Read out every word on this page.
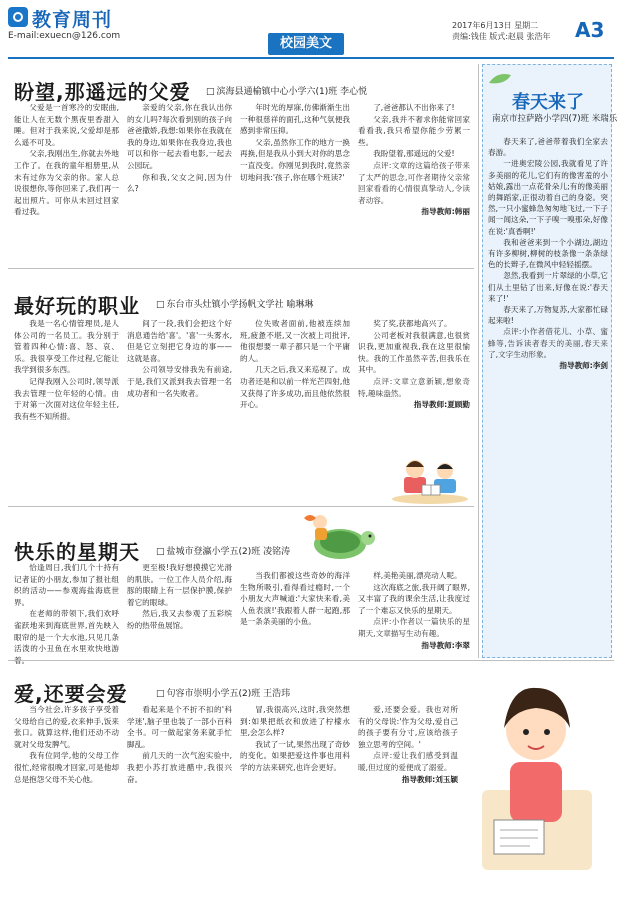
教育周刊
E-mail:exuecn@126.com	校园美文
2017年6月13日 星期二
责编:钱佳 版式:赵晨 张浩年	A3
盼望,那遥远的父爱	□ 滨海县通榆镇中心小学六(1)班 李心悦

父爱是一首寒冷的安眠曲,能让人在无数个黑夜里香甜入睡。但对于我来说,父爱却是那么遥不可及。

父亲,我刚出生,你就去外地工作了。在我的童年相册里,从未有过你为父亲的你。家人总说很想你,等你回来了,我们再一起出照片。可你从未回过回家看过我。

亲爱的父亲,你在我认出你的女儿吗?每次看到别的孩子向爸爸撒娇,我想:如果你在我就在我的身边,如果你在我身边,我也可以和你一起去看电影,一起去公园玩。

你和我,父女之间,因为什么?

年时光的厚寐,仿佛渐渐生出一种很慈祥的面孔,这种气氛便我感到非常压抑。

父亲,虽然你工作的地方一换再换,但是我从小到大对你的思念一直没变。你刚见到我时,竟然亲切地问我:'孩子,你在哪个班读?'

了,爸爸都认不出你来了!

父亲,我并不奢求你能常回家看看我,我只希望你能少劳累一些。

我盼望着,那遥远的父爱!

点评:文章的这篇给孩子带来了太严的思念,可作者期待父亲常回家看看的心情很真挚动人,令读者动容。

指导教师:韩丽

最好玩的职业	□ 东台市头灶镇小学扬帆文学社 喻琳琳

我是一名心情管理员,是人体公司的一名员工。我分别于管着四种心情:喜、怒、哀、乐。我很享受工作过程,它能让我学到很多东西。

记得我刚入公司时,领导派我去管理一位年轻的心情。由于对第一次面对这位年轻主任,我有些不知所措。

间了一段,我们会把这个好消息通告给'喜'。'喜'一头雾水,但是它立刻把它身边的事——这就是喜。

公司领导安排我先有前途,于是,我们又派到我去管理一名成功者和一名失败者。

位失败者面前,他被连续加班,疲惫不堪,又一次被上司批评,他很想要一辈子都只是一个平庸的人。

几天之后,我又来巡视了。成功者还是和以前一样光芒四射,他又获得了许多成功,而且他依然很开心。

奖了奖,获都地高兴了。

公司老板对我很满意,也很赏识我,更加重视我,我在这里很愉快。我的工作虽然辛苦,但我乐在其中。

点评:文章立意新颖,想象奇特,趣味盎然。

指导教师:夏顾勤

快乐的星期天	□ 盐城市登瀛小学五(2)班 凌铭涛

恰逢周日,我们几个十持有记者证的小朋友,参加了报社组织的活动——参观海盐海底世界。

在老师的带领下,我们欢呼雀跃地来到海底世界,首先映入眼帘的是一个大水池,只见几条活泼的小丑鱼在水里欢快地游

更至极!我好想摸摸它光滑的肌肤。一位工作人员介绍,海豚的眼睛上有一层保护膜,保护着它的眼球。

然后,我又去参观了五彩缤纷的热带鱼展馆。

当我们都被这些奇妙的海洋生物所吸引,看得看过瘾时,一个小朋友大声喊道:'大家快来看,美人鱼表演!'我跟着人群一起跑,那是一条条美丽的小鱼。

样,美艳美丽,漂亮动人呢。

这次海底之旅,我开阔了眼界,又丰富了我的课余生活,让我度过了一个难忘又快乐的星期天。

点评:小作者以一篇快乐的星期天,文章描写生动有趣。

指导教师:李翠

爱,还要会爱	□ 句容市崇明小学五(2)班 王浩玮

当今社会,许多孩子享受着父母给自己的爱,衣来伸手,饭来张口。就算这样,他们还动不动就对父母发脾气。

我有位同学,他的父母工作很忙,经常很晚才回家,可是他却总是抱怨父母不关心他。

看起来是个不折不扣的'科学迷',脑子里也装了一部小百科全书。可一做起家务来就手忙脚乱。

前几天的一次气泡实验中,我把小苏打放进醋中,我很兴奋。

冒,我很高兴,这时,我突然想到:如果把纸衣和放进了柠檬水里,会怎么样?

我试了一试,果然出现了奇妙的变化。如果把爱这件事也用科学的方法来研究,也许会更好。

爱,还要会爱。我也对所有的父母说:'作为父母,爱自己的孩子要有分寸,应该给孩子独立思考的空间。'

点评:爱让我们感受到温暖,但过度的爱便成了溺爱。

指导教师:刘玉颖

春天来了
南京市拉萨路小学四(7)班 米瑞乐

春天来了,爸爸带着我们全家去春游。

一进奥宏陵公园,我就看见了许多美丽的花儿,它们有的像害羞的小姑娘,露出一点花骨朵儿;有的像美丽的舞蹈家,正很动着自己的身姿。突然,一只小蜜蜂急匆匆地飞过,一下子闻一闻这朵,一下子嗅一嗅那朵,好像在说:'真香啊!'

我和爸爸来到一个小湖边,湖边有许多柳树,柳树的枝条像一条条绿色的长辫子,在微风中轻轻摇摆。

忽然,我看到一片翠绿的小草,它们从土里钻了出来,好像在说:'春天来了!'

春天来了,万物复苏,大家都忙碌起来啦!

点评:小作者借花儿、小草、蜜蜂等,告诉读者春天的美丽,春天来了,文字生动形象。

指导教师:李剑
